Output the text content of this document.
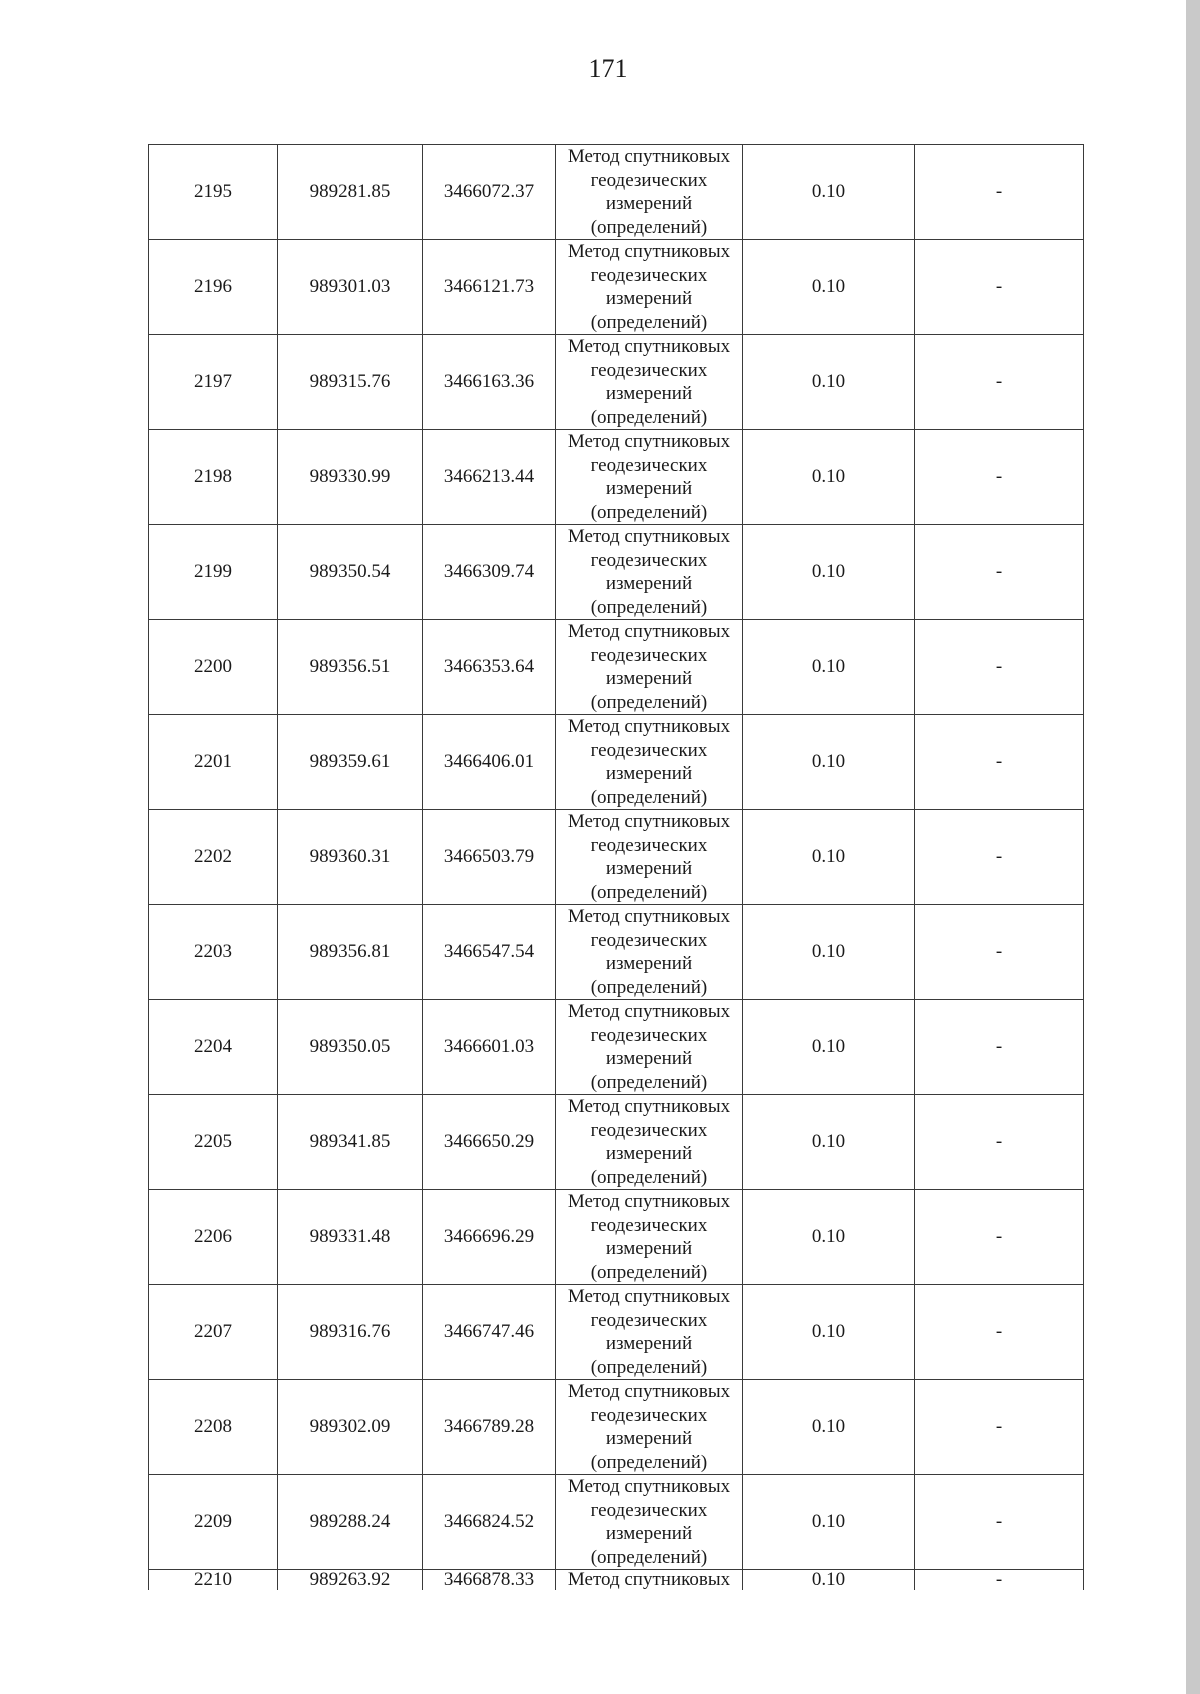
171
2195	989281.85	3466072.37	Метод спутниковых геодезических измерений (определений)	0.10	-
2196	989301.03	3466121.73	Метод спутниковых геодезических измерений (определений)	0.10	-
2197	989315.76	3466163.36	Метод спутниковых геодезических измерений (определений)	0.10	-
2198	989330.99	3466213.44	Метод спутниковых геодезических измерений (определений)	0.10	-
2199	989350.54	3466309.74	Метод спутниковых геодезических измерений (определений)	0.10	-
2200	989356.51	3466353.64	Метод спутниковых геодезических измерений (определений)	0.10	-
2201	989359.61	3466406.01	Метод спутниковых геодезических измерений (определений)	0.10	-
2202	989360.31	3466503.79	Метод спутниковых геодезических измерений (определений)	0.10	-
2203	989356.81	3466547.54	Метод спутниковых геодезических измерений (определений)	0.10	-
2204	989350.05	3466601.03	Метод спутниковых геодезических измерений (определений)	0.10	-
2205	989341.85	3466650.29	Метод спутниковых геодезических измерений (определений)	0.10	-
2206	989331.48	3466696.29	Метод спутниковых геодезических измерений (определений)	0.10	-
2207	989316.76	3466747.46	Метод спутниковых геодезических измерений (определений)	0.10	-
2208	989302.09	3466789.28	Метод спутниковых геодезических измерений (определений)	0.10	-
2209	989288.24	3466824.52	Метод спутниковых геодезических измерений (определений)	0.10	-
2210	989263.92	3466878.33	Метод спутниковых	0.10	-
